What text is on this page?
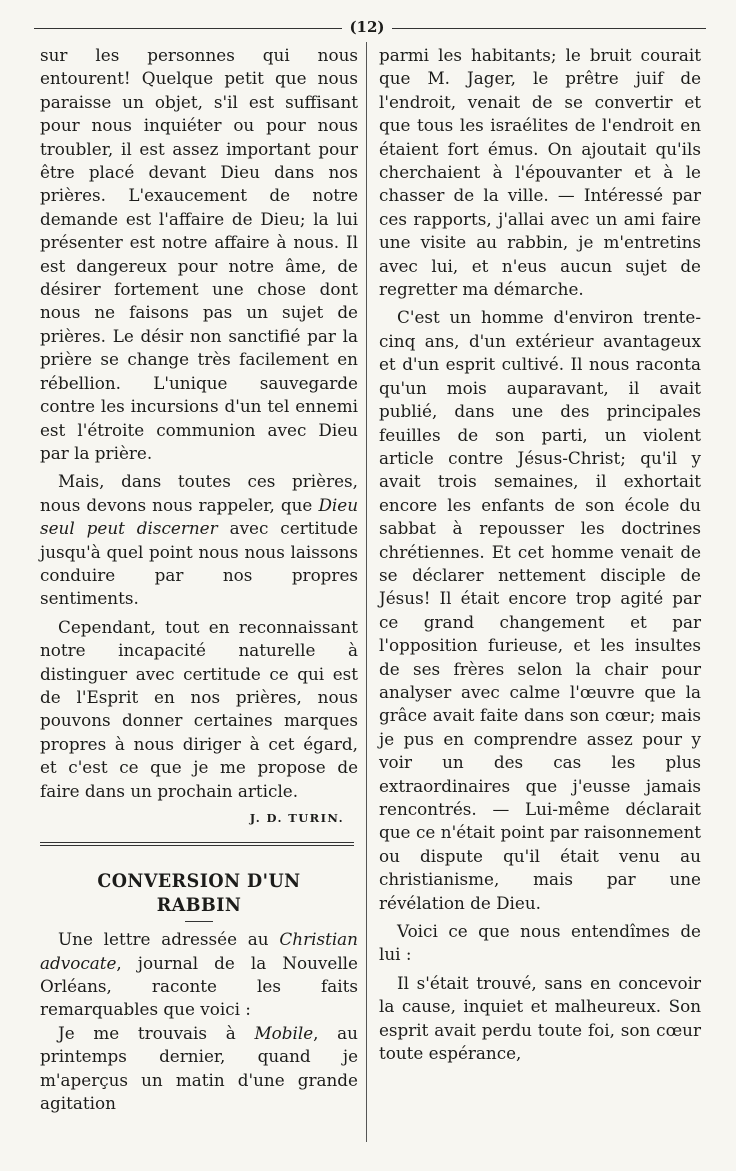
(12)

sur les personnes qui nous entourent! Quelque petit que nous paraisse un objet, s'il est suffisant pour nous inquiéter ou pour nous troubler, il est assez important pour être placé devant Dieu dans nos prières. L'exaucement de notre demande est l'affaire de Dieu; la lui présenter est notre affaire à nous. Il est dangereux pour notre âme, de désirer fortement une chose dont nous ne faisons pas un sujet de prières. Le désir non sanctifié par la prière se change très facilement en rébellion. L'unique sauvegarde contre les incursions d'un tel ennemi est l'étroite communion avec Dieu par la prière.

Mais, dans toutes ces prières, nous devons nous rappeler, que Dieu seul peut discerner avec certitude jusqu'à quel point nous nous laissons conduire par nos propres sentiments.

Cependant, tout en reconnaissant notre incapacité naturelle à distinguer avec certitude ce qui est de l'Esprit en nos prières, nous pouvons donner certaines marques propres à nous diriger à cet égard, et c'est ce que je me propose de faire dans un prochain article.

J. D. TURIN.
CONVERSION D'UN RABBIN

Une lettre adressée au Christian advocate, journal de la Nouvelle Orléans, raconte les faits remarquables que voici :

Je me trouvais à Mobile, au printemps dernier, quand je m'aperçus un matin d'une grande agitation

parmi les habitants; le bruit courait que M. Jager, le prêtre juif de l'endroit, venait de se convertir et que tous les israélites de l'endroit en étaient fort émus. On ajoutait qu'ils cherchaient à l'épouvanter et à le chasser de la ville. — Intéressé par ces rapports, j'allai avec un ami faire une visite au rabbin, je m'entretins avec lui, et n'eus aucun sujet de regretter ma démarche.

C'est un homme d'environ trente-cinq ans, d'un extérieur avantageux et d'un esprit cultivé. Il nous raconta qu'un mois auparavant, il avait publié, dans une des principales feuilles de son parti, un violent article contre Jésus-Christ; qu'il y avait trois semaines, il exhortait encore les enfants de son école du sabbat à repousser les doctrines chrétiennes. Et cet homme venait de se déclarer nettement disciple de Jésus! Il était encore trop agité par ce grand changement et par l'opposition furieuse, et les insultes de ses frères selon la chair pour analyser avec calme l'œuvre que la grâce avait faite dans son cœur; mais je pus en comprendre assez pour y voir un des cas les plus extraordinaires que j'eusse jamais rencontrés. — Lui-même déclarait que ce n'était point par raisonnement ou dispute qu'il était venu au christianisme, mais par une révélation de Dieu.

Voici ce que nous entendîmes de lui :

Il s'était trouvé, sans en concevoir la cause, inquiet et malheureux. Son esprit avait perdu toute foi, son cœur toute espérance,
